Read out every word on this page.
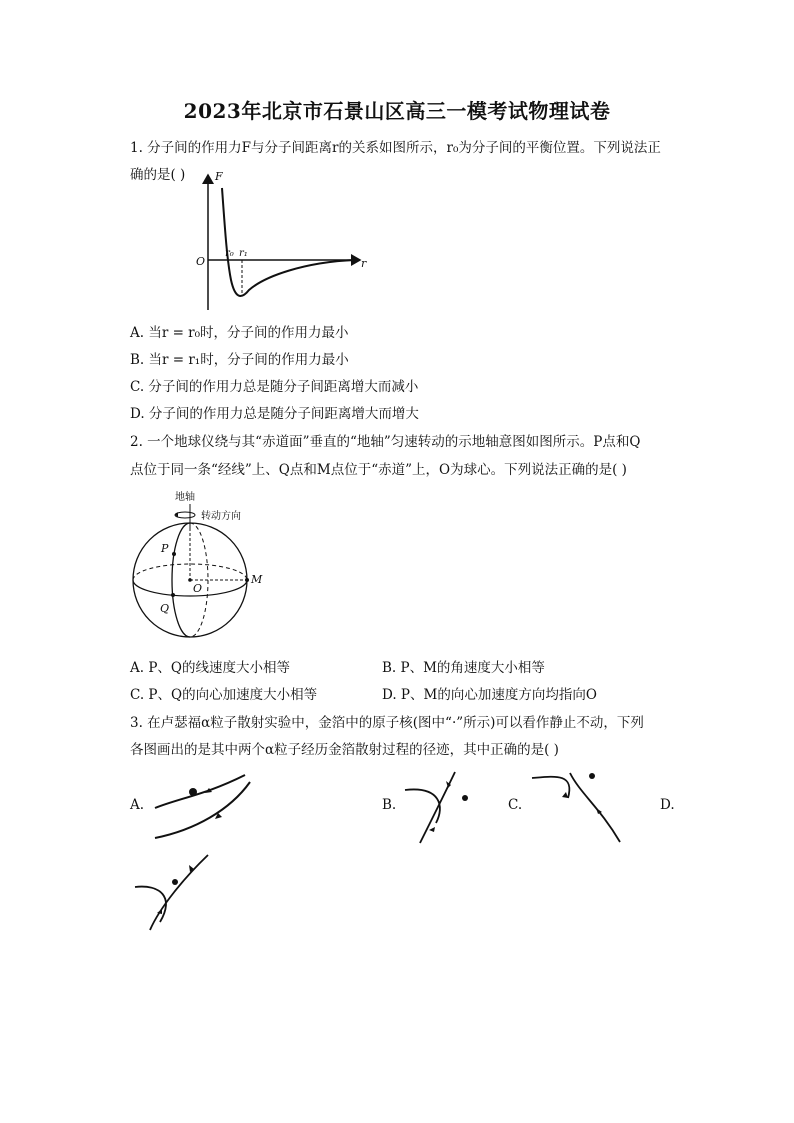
2023年北京市石景山区高三一模考试物理试卷
1. 分子间的作用力F与分子间距离r的关系如图所示，r₀为分子间的平衡位置。下列说法正
确的是( )	F
r
O
r₀ r₁
A. 当r = r₀时，分子间的作用力最小
B. 当r = r₁时，分子间的作用力最小
C. 分子间的作用力总是随分子间距离增大而减小
D. 分子间的作用力总是随分子间距离增大而增大
2. 一个地球仪绕与其“赤道面”垂直的“地轴”匀速转动的示地轴意图如图所示。P点和Q
点位于同一条“经线”上、Q点和M点位于“赤道”上，O为球心。下列说法正确的是( )
地轴
转动方向
P
Q
M
O
A. P、Q的线速度大小相等	B. P、M的角速度大小相等
C. P、Q的向心加速度大小相等	D. P、M的向心加速度方向均指向O
3. 在卢瑟福α粒子散射实验中，金箔中的原子核(图中“·”所示)可以看作静止不动，下列
各图画出的是其中两个α粒子经历金箔散射过程的径迹，其中正确的是( )
A.	B.	C.	D.
